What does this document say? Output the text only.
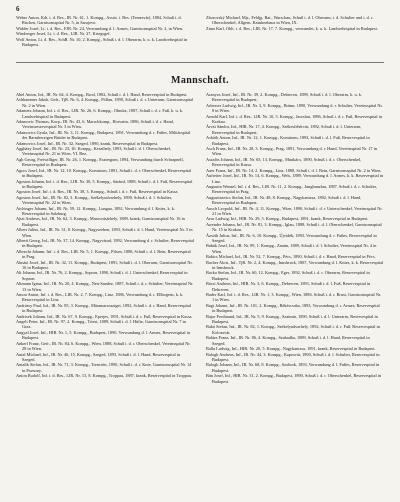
6

Weber Anton, Kdt. i. d. Res., IR. Nr. 61, 1. Kompg., Assist. i. Res. (Temesvár), 1884, Schuß i. d. Rücken, Garnisonsspital Nr. 5, in Sarajevo.

Widder Josef, Lt. i. d. Res., FJB. Nr. 24, Verwundung d. l. Armes, Garnisonsspital Nr. 2, in Wien.

Wimberger Josef, Lt. i. d. Res., LIR. Nr. 27, Kriegsgef.

Wolf Anton, Lt. d. Res., SchR. Nr. 10, 2. Kompg., Schuß i. d. l. Oberarm, k. u. k. Landwehrspital in Budapest.

Zborovský Michael, Mjr., Feldjg. Bat., Warschau, Schuß i. d. l. Oberarm, i. d. Schulter und i. d. r. Oberschenkel, Allgem. Krankenhaus in Wien, IX.

Zima Karl, Oblt. i. d. Res., LIR. Nr. 17, 7. Kompg., verwundet, k. u. k. Landwehrspital in Budapest.

Mannschaft.

Abel Anton, Inf., IR. Nr. 64, 4. Kompg., Brod, 1882, Schuß i. d. l. Hand, Reservespital in Budapest.

Achhammer Jakob, Gefr., TjR. Nr. 6, 4. Kompg., Pöllau, 1890, Schuß i. d. r. Unterarm, Garnisonsspital Nr. 2 in Wien.

Adametz Johann, Inf. i. d. Res., LIR. Nr. 26, 6. Kompg., Olmütz, 1887, Schuß i. d. r. Fuß, k. u. k. Landwehrspital in Budapest.

Adamovic Thomas, Korp., IR. Nr. 43, 6. Marschkomp., Horvatin, 1886, Schuß i. d. r. Hand, Vereinsreservespital Nr. 3 in Wien.

Adamovics Gyula, Inf., IR. Nr. 3, 11. Kompg., Budapest, 1891, Verwundung d. r. Fußes, Militärspital der Barmherzigen Brüder in Budapest.

Adamovics Josef, Inf., IR. Nr. 32, Szeged, 1890, krank, Reservespital in Budapest.

Aggházy Josef, Inf., IR. Nr. 23, 10. Kompg., Keszthely, 1893, Schuß i. d. l. Oberschenkel, Vereinsspital Nr. 21 in Wien, VI. Bez.

Agh Georg, Freiwilliger, IR. Nr. 26, 1. Kompg., Esztergom, 1894, Verwundung durch Schrapnell, Reservespital in Budapest.

Agocs Josef, Inf., IR. Nr. 12, 10. Kompg., Komárom, 1891, Schuß i. d. r. Oberschenkel, Reservespital in Budapest.

Agoston Johann, Inf. i. d. Res., LIR. Nr. 30, 5. Kompg., Sáránd, 1888, Schuß i. d. l. Fuß, Reservespital in Budapest.

Agoston Josef, Inf. i. d. Res., IR. Nr. 38, 3. Kompg., Schuß i. d. r. Fuß, Reservespital in Kassa.

Agoston Josef, Inf., IR. Nr. 82, 3. Kompg., Székelyudvarhely, 1890, Schuß i. d. l. Schulter, Vereinsspital Nr. 22 in Wien.

Aichinger Johann, Inf., IR. Nr. 59, 12. Kompg., Lungau, 1892, Verwundung d. l. Knies, k. k. Reservespital in Salzburg.

Ajtai Andreas, Inf., IR. Nr. 62, 3. Kompg., Marosvásárhely, 1889, krank, Garnisonsspital Nr. 16 in Budapest.

Albert Julius, Inf., IR. Nr. 31, 8. Kompg., Nagyszeben, 1893, Schuß i. d. l. Hand, Vereinsspital Nr. 5 in Wien.

Alberti Georg, Inf., IR. Nr. 37, 14. Kompg., Nagyvárad, 1892, Verwundung d. r. Schulter, Reservespital in Budapest.

Albrecht Johann, Inf. i. d. Res., LIR. Nr. 5, 1. Kompg., Pilsen, 1888, Schuß i. d. l. Bein, Reservespital in Prag.

Almási Josef, Inf., IR. Nr. 32, 11. Kompg., Budapest, 1891, Schuß i. d. l. Oberarm, Garnisonsspital Nr. 16 in Budapest.

Alt Johann, Inf., IR. Nr. 76, 2. Kompg., Sopron, 1890, Schuß i. d. l. Unterschenkel, Reservespital in Sopron.

Altmann Ignaz, Inf., IR. Nr. 20, 4. Kompg., Neu-Sandez, 1887, Schuß i. d. r. Schulter, Vereinsspital Nr. 13 in Wien.

Amon Anton, Inf. i. d. Res., LIR. Nr. 2, 7. Kompg., Linz, 1886, Verwundung d. r. Ellbogens, k. k. Reservespital in Linz.

Andrássy Paul, Inf., IR. Nr. 85, 3. Kompg., Máramarossziget, 1892, Schuß i. d. r. Hand, Reservespital in Budapest.

Andrisek Johann, Inf., IR. Nr. 67, 9. Kompg., Eperjes, 1891, Schuß i. d. r. Fuß, Reservespital in Kassa.

Angeli Peter, Inf., IR. Nr. 97, 2. Kompg., Triest, 1889, Schuß i. d. l. Hüfte, Garnisonsspital Nr. 7 in Graz.

Angyal Josef, Inf., HIR. Nr. 1, 5. Kompg., Budapest, 1890, Verwundung d. l. Armes, Reservespital in Budapest.

Ankerl Franz, Gefr., IR. Nr. 84, 6. Kompg., Wien, 1888, Schuß i. d. r. Oberschenkel, Vereinsspital Nr. 28 in Wien.

Antal Michael, Inf., IR. Nr. 46, 15. Kompg., Szeged, 1893, Schuß i. d. l. Hand, Reservespital in Szeged.

Antalik Stefan, Inf., IR. Nr. 71, 3. Kompg., Trencsén, 1890, Schuß i. d. r. Knie, Garnisonsspital Nr. 14 in Pozsony.

Anton Rudolf, Inf. i. d. Res., LIR. Nr. 13, 8. Kompg., Troppau, 1887, krank, Reservespital in Troppau.

Aranyos Josef, Inf., IR. Nr. 39, 2. Kompg., Debrecen, 1889, Schuß i. d. l. Oberarm, k. u. k. Reservespital in Budapest.

Arbesser Ludwig, Inf., IR. Nr. 3, 9. Kompg., Brünn, 1890, Verwundung d. r. Schulter, Vereinsspital Nr. 8 in Wien.

Arnold Karl, Inf. i. d. Res., LIR. Nr. 10, 5. Kompg., Jaroslau, 1886, Schuß i. d. r. Fuß, Reservespital in Krakau.

Árvai Sándor, Inf., HIR. Nr. 17, 4. Kompg., Székesfehérvár, 1892, Schuß i. d. l. Unterarm, Reservespital in Budapest.

Asböth Anton, Inf., IR. Nr. 12, 1. Kompg., Komárom, 1893, Schuß i. d. l. Fuß, Reservespital in Budapest.

Asch Franz, Inf., IR. Nr. 28, 3. Kompg., Prag, 1891, Verwundung d. r. Hand, Vereinsspital Nr. 17 in Wien.

Aszalós Johann, Inf., IR. Nr. 65, 13. Kompg., Munkács, 1890, Schuß i. d. r. Oberschenkel, Reservespital in Kassa.

Auer Franz, Inf., IR. Nr. 14, 2. Kompg., Linz, 1888, Schuß i. d. l. Bein, Garnisonsspital Nr. 2 in Wien.

Aufreiter Josef, Inf., IR. Nr. 14, 6. Kompg., Wels, 1889, Verwundung d. l. Armes, k. k. Reservespital in Linz.

Augustin Wenzel, Inf. i. d. Res., LIR. Nr. 11, 2. Kompg., Jungbunzlau, 1887, Schuß i. d. r. Schulter, Reservespital in Prag.

Augustinovics Stefan, Inf., IR. Nr. 48, 8. Kompg., Nagykanizsa, 1892, Schuß i. d. l. Hand, Reservespital in Budapest.

Ausch Leopold, Inf., IR. Nr. 4, 11. Kompg., Wien, 1890, Schuß i. d. r. Unterschenkel, Vereinsspital Nr. 21 in Wien.

Avar Ludwig, Inf., HIR. Nr. 29, 5. Kompg., Budapest, 1891, krank, Reservespital in Budapest.

Awender Johann, Inf., IR. Nr. 81, 3. Kompg., Iglau, 1888, Schuß i. d. l. Oberschenkel, Garnisonsspital Nr. 15 in Krakau.

Ázsóth Julius, Inf., IR. Nr. 6, 10. Kompg., Újvidék, 1893, Verwundung d. r. Fußes, Reservespital in Szeged.

Babák Josef, Inf., IR. Nr. 99, 1. Kompg., Znaim, 1889, Schuß i. d. l. Schulter, Vereinsspital Nr. 4 in Wien.

Babics Michael, Inf., IR. Nr. 52, 7. Kompg., Pécs, 1890, Schuß i. d. r. Hand, Reservespital in Pécs.

Bacher Alois, Inf., TjR. Nr. 2, 4. Kompg., Innsbruck, 1887, Verwundung d. l. Knies, k. k. Reservespital in Innsbruck.

Backa Stefan, Inf., IR. Nr. 60, 12. Kompg., Eger, 1892, Schuß i. d. r. Oberarm, Reservespital in Budapest.

Bácsi Andreas, Inf., HIR. Nr. 3, 6. Kompg., Debrecen, 1891, Schuß i. d. l. Fuß, Reservespital in Debrecen.

Bader Karl, Inf. i. d. Res., LIR. Nr. 1, 3. Kompg., Wien, 1886, Schuß i. d. r. Brust, Garnisonsspital Nr. 1 in Wien.

Bagi Johann, Inf., IR. Nr. 101, 2. Kompg., Békéscsaba, 1893, Verwundung d. r. Armes, Reservespital in Budapest.

Bajor Ferdinand, Inf., IR. Nr. 5, 9. Kompg., Szatmár, 1890, Schuß i. d. l. Unterarm, Reservespital in Budapest.

Bakó Stefan, Inf., IR. Nr. 82, 1. Kompg., Székelyudvarhely, 1892, Schuß i. d. r. Fuß, Reservespital in Kolozsvár.

Balázs Franz, Inf., IR. Nr. 86, 4. Kompg., Szabadka, 1889, Schuß i. d. l. Hand, Reservespital in Szeged.

Balla Ludwig, Inf., HIR. Nr. 20, 5. Kompg., Nagykanizsa, 1891, krank, Reservespital in Budapest.

Balogh Andreas, Inf., IR. Nr. 44, 3. Kompg., Kaposvár, 1890, Schuß i. d. l. Schulter, Reservespital in Budapest.

Balogh Johann, Inf., IR. Nr. 68, 8. Kompg., Szolnok, 1893, Verwundung d. l. Fußes, Reservespital in Budapest.

Bán Josef, Inf., HIR. Nr. 31, 2. Kompg., Budapest, 1890, Schuß i. d. r. Oberschenkel, Reservespital in Budapest.
